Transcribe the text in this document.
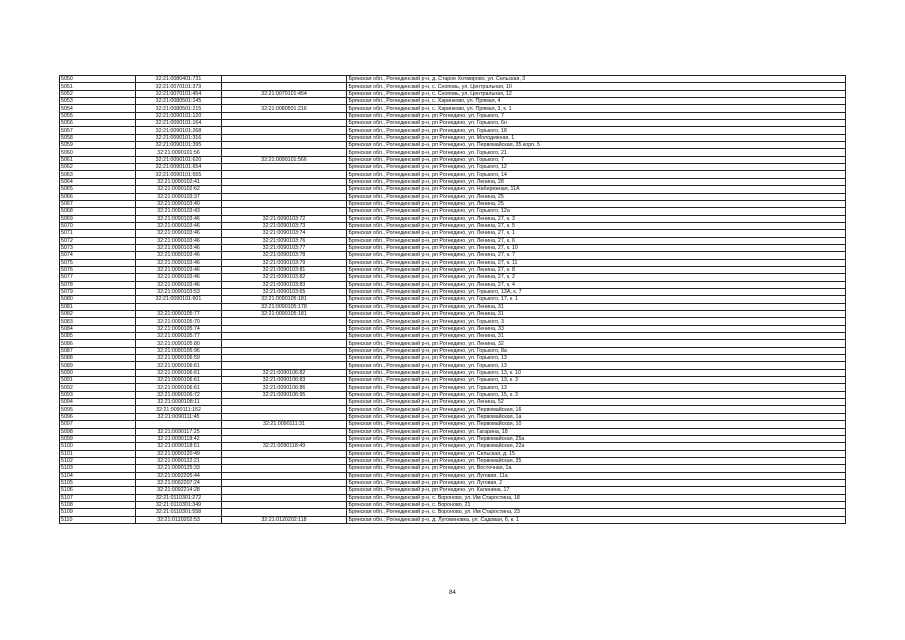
5050	32:21:0080401:731		Брянская обл., Рогнединский р-н, д. Старое Хотмирово, ул. Сельская, 3
5051	32:21:0070101:379		Брянская обл., Рогнединский р-н, с. Сноповь, ул. Центральная, 10
5052	32:21:0070101:454	32:21:0070101:454	Брянская обл., Рогнединский р-н, с. Сноповь, ул. Центральная, 12
5053	32:21:0080501:145		Брянская обл., Рогнединский р-н, с. Харинково, ул. Прямая, 4
5054	32:21:0080501:215	32:21:0080501:216	Брянская обл., Рогнединский р-н, с. Харинково, ул. Прямая, 3, к. 1
5055	32:21:0090101:120		Брянская обл., Рогнединский р-н, рп Рогнедино, ул. Горького, 7
5056	32:21:0090101:164		Брянская обл., Рогнединский р-н, рп Рогнедино, ул. Горького, 6н
5057	32:21:0090101:268		Брянская обл., Рогнединский р-н, рп Рогнедино, ул. Горького, 18
5058	32:21:0090101:316		Брянская обл., Рогнединский р-н, рп Рогнедино, ул. Молодежная, 1
5059	32:21:0090101:395		Брянская обл., Рогнединский р-н, рп Рогнедино, ул. Первомайская, 35 корп. 5
5060	32:21:0090101:56		Брянская обл., Рогнединский р-н, рп Рогнедино, ул. Горького, 21
5061	32:21:0090101:620	32:21:0090101:566	Брянская обл., Рогнединский р-н, рп Рогнедино, ул. Горького, 7
5062	32:21:0090101:654		Брянская обл., Рогнединский р-н, рп Рогнедино, ул. Горького, 12
5063	32:21:0090101:655		Брянская обл., Рогнединский р-н, рп Рогнедино, ул. Горького, 14
5064	32:21:0090102:41		Брянская обл., Рогнединский р-н, рп Рогнедино, ул. Ленина, 28
5065	32:21:0090102:62		Брянская обл., Рогнединский р-н, рп Рогнедино, ул. Набережная, 11А
5066	32:21:0090103:37		Брянская обл., Рогнединский р-н, рп Рогнедино, ул. Ленина, 25
5067	32:21:0090103:40		Брянская обл., Рогнединский р-н, рп Рогнедино, ул. Ленина, 25
5068	32:21:0090103:43		Брянская обл., Рогнединский р-н, рп Рогнедино, ул. Горького, 12а
5069	32:21:0090103:46	32:21:0090103:72	Брянская обл., Рогнединский р-н, рп Рогнедино, ул. Ленина, 27, к. 3
5070	32:21:0090103:46	32:21:0090103:73	Брянская обл., Рогнединский р-н, рп Рогнедино, ул. Ленина, 27, к. 5
5071	32:21:0090103:46	32:21:0090103:74	Брянская обл., Рогнединский р-н, рп Рогнедино, ул. Ленина, 27, к. 1
5072	32:21:0090103:46	32:21:0090103:76	Брянская обл., Рогнединский р-н, рп Рогнедино, ул. Ленина, 27, к. 6
5073	32:21:0090103:46	32:21:0090103:77	Брянская обл., Рогнединский р-н, рп Рогнедино, ул. Ленина, 27, к. 10
5074	32:21:0090103:46	32:21:0090103:78	Брянская обл., Рогнединский р-н, рп Рогнедино, ул. Ленина, 27, к. 7
5075	32:21:0090103:46	32:21:0090103:79	Брянская обл., Рогнединский р-н, рп Рогнедино, ул. Ленина, 27, к. 11
5076	32:21:0090103:46	32:21:0090103:81	Брянская обл., Рогнединский р-н, рп Рогнедино, ул. Ленина, 27, к. 8
5077	32:21:0090103:46	32:21:0090103:82	Брянская обл., Рогнединский р-н, рп Рогнедино, ул. Ленина, 27, к. 2
5078	32:21:0090103:46	32:21:0090103:83	Брянская обл., Рогнединский р-н, рп Рогнедино, ул. Ленина, 27, к. 4
5079	32:21:0090103:53	32:21:0090103:65	Брянская обл., Рогнединский р-н, рп Рогнедино, ул. Горького, 13А, к. 7
5080	32:21:0090101:601	32:21:0090105:181	Брянская обл., Рогнединский р-н, рп Рогнедино, ул. Горького, 17, к. 1
5081		32:21:0090105:178	Брянская обл., Рогнединский р-н, рп Рогнедино, ул. Ленина, 31
5082	32:21:0090105:77	32:21:0090105:181	Брянская обл., Рогнединский р-н, рп Рогнедино, ул. Ленина, 31
5083	32:21:0090105:70		Брянская обл., Рогнединский р-н, рп Рогнедино, ул. Горького, 3
5084	32:21:0090105:74		Брянская обл., Рогнединский р-н, рп Рогнедино, ул. Ленина, 33
5085	32:21:0090105:77		Брянская обл., Рогнединский р-н, рп Рогнедино, ул. Ленина, 31
5086	32:21:0090105:80		Брянская обл., Рогнединский р-н, рп Рогнедино, ул. Ленина, 32
5087	32:21:0090105:96		Брянская обл., Рогнединский р-н, рп Рогнедино, ул. Горького, 8а
5088	32:21:0090106:59		Брянская обл., Рогнединский р-н, рп Рогнедино, ул. Горького, 13
5089	32:21:0090106:61		Брянская обл., Рогнединский р-н, рп Рогнедино, ул. Горького, 13
5090	32:21:0090106:61	32:21:0090106:82	Брянская обл., Рогнединский р-н, рп Рогнедино, ул. Горького, 13, к. 10
5091	32:21:0090106:61	32:21:0090106:83	Брянская обл., Рогнединский р-н, рп Рогнедино, ул. Горького, 13, к. 3
5092	32:21:0090106:61	32:21:0090106:86	Брянская обл., Рогнединский р-н, рп Рогнедино, ул. Горького, 13
5093	32:21:0090106:72	32:21:0090106:95	Брянская обл., Рогнединский р-н, рп Рогнедино, ул. Горького, 15, к. 3
5094	32:21:0090108:11		Брянская обл., Рогнединский р-н, рп Рогнедино, ул. Ленина, 52
5095	32:21:0090111:152		Брянская обл., Рогнединский р-н, рп Рогнедино, ул. Первомайская, 16
5096	32:21:0090111:45		Брянская обл., Рогнединский р-н, рп Рогнедино, ул. Первомайская, 1а
5097		32:21:0090111:31	Брянская обл., Рогнединский р-н, рп Рогнедино, ул. Первомайская, 10
5098	32:21:0090117:25		Брянская обл., Рогнединский р-н, рп Рогнедино, ул. Гагарина, 18
5099	32:21:0090118:42		Брянская обл., Рогнединский р-н, рп Рогнедино, ул. Первомайская, 25а
5100	32:21:0090118:51	32:21:0090118:49	Брянская обл., Рогнединский р-н, рп Рогнедино, ул. Первомайская, 22а
5101	32:21:0090120:49		Брянская обл., Рогнединский р-н, рп Рогнедино, ул. Сельская, д. 15
5102	32:21:0090122:21		Брянская обл., Рогнединский р-н, рп Рогнедино, ул. Первомайская, 35
5103	32:21:0090125:33		Брянская обл., Рогнединский р-н, рп Рогнедино, ул. Восточная, 1а
5104	32:21:0092205:44		Брянская обл., Рогнединский р-н, рп Рогнедино, ул. Луговая, 11а
5105	32:21:0092207:24		Брянская обл., Рогнединский р-н, рп Рогнедино, ул. Луговая, 2
5106	32:21:0092214:28		Брянская обл., Рогнединский р-н, рп Рогнедино, ул. Калинина, 17
5107	32:21:0110301:272		Брянская обл., Рогнединский р-н, с. Вороново, ул. Им Старостина, 18
5108	32:21:0110301:349		Брянская обл., Рогнединский р-н, с. Вороново, 21
5109	32:21:0110301:558		Брянская обл., Рогнединский р-н, с. Вороново, ул. Им Старостина, 23
5110	32:21:0120202:53	32:21:0120202:118	Брянская обл., Рогнединский р-н, д. Луговиновка, ул. Садовая, 6, к. 1
84
